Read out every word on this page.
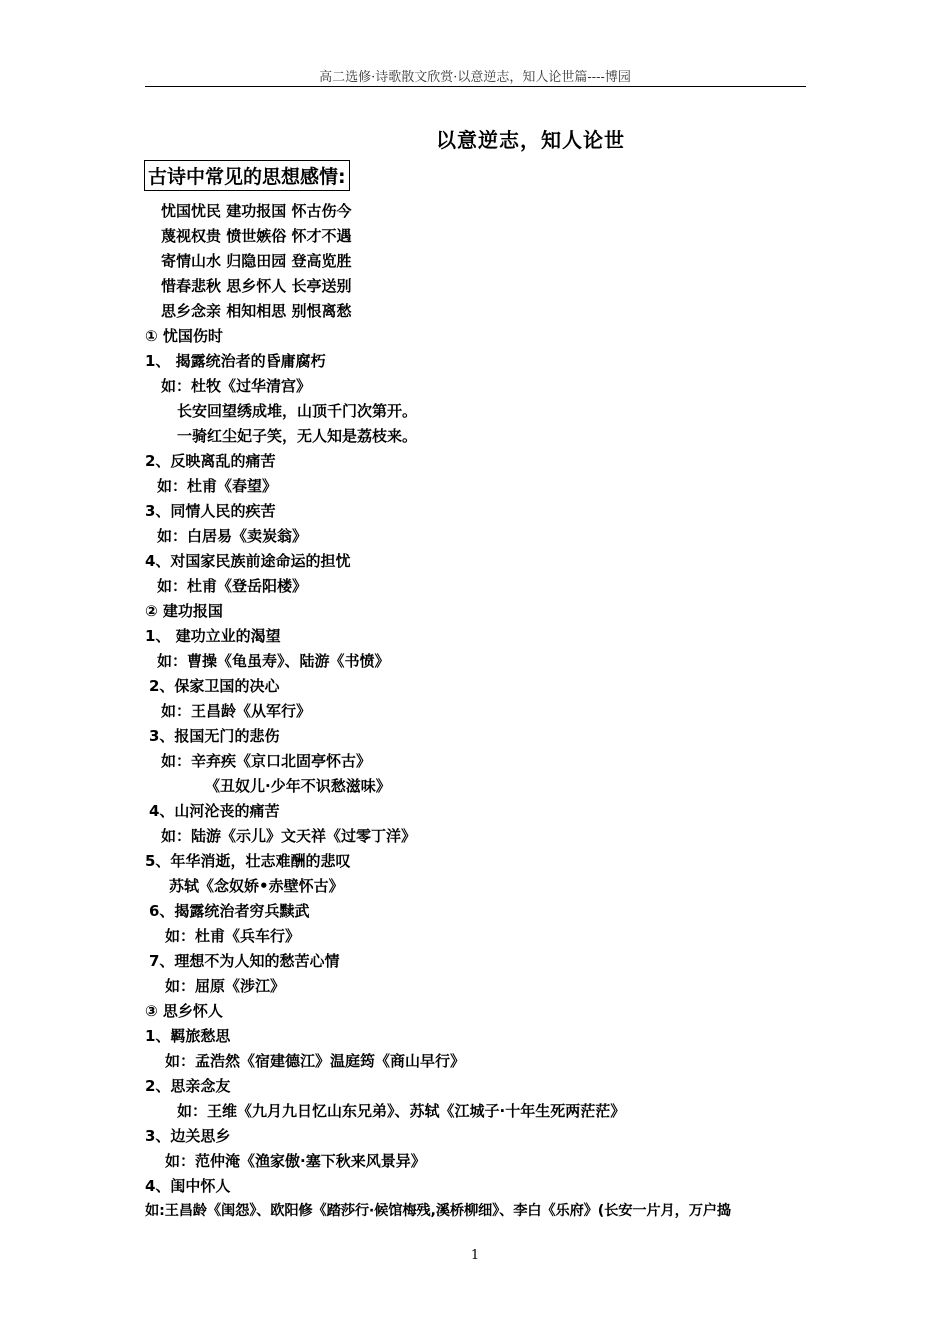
高二选修·诗歌散文欣赏·以意逆志，知人论世篇----博园
以意逆志，知人论世
古诗中常见的思想感情:
忧国忧民 建功报国 怀古伤今
蔑视权贵 愤世嫉俗 怀才不遇
寄情山水 归隐田园 登高览胜
惜春悲秋 思乡怀人 长亭送别
思乡念亲 相知相思 别恨离愁
① 忧国伤时
1、 揭露统治者的昏庸腐朽
如：杜牧《过华清宫》
长安回望绣成堆，山顶千门次第开。
一骑红尘妃子笑，无人知是荔枝来。
2、反映离乱的痛苦
如：杜甫《春望》
3、同情人民的疾苦
如：白居易《卖炭翁》
4、对国家民族前途命运的担忧
如：杜甫《登岳阳楼》
② 建功报国
1、 建功立业的渴望
如：曹操《龟虽寿》、陆游《书愤》
2、保家卫国的决心
如：王昌龄《从军行》
3、报国无门的悲伤
如：辛弃疾《京口北固亭怀古》
《丑奴儿·少年不识愁滋味》
4、山河沦丧的痛苦
如：陆游《示儿》文天祥《过零丁洋》
5、年华消逝，壮志难酬的悲叹
苏轼《念奴娇•赤壁怀古》
6、揭露统治者穷兵黩武
如：杜甫《兵车行》
7、理想不为人知的愁苦心情
如：屈原《涉江》
③ 思乡怀人
1、羁旅愁思
如：孟浩然《宿建德江》温庭筠《商山早行》
2、思亲念友
如：王维《九月九日忆山东兄弟》、苏轼《江城子·十年生死两茫茫》
3、边关思乡
如：范仲淹《渔家傲·塞下秋来风景异》
4、闺中怀人
如:王昌龄《闺怨》、欧阳修《踏莎行·候馆梅残,溪桥柳细》、李白《乐府》(长安一片月，万户捣
1
